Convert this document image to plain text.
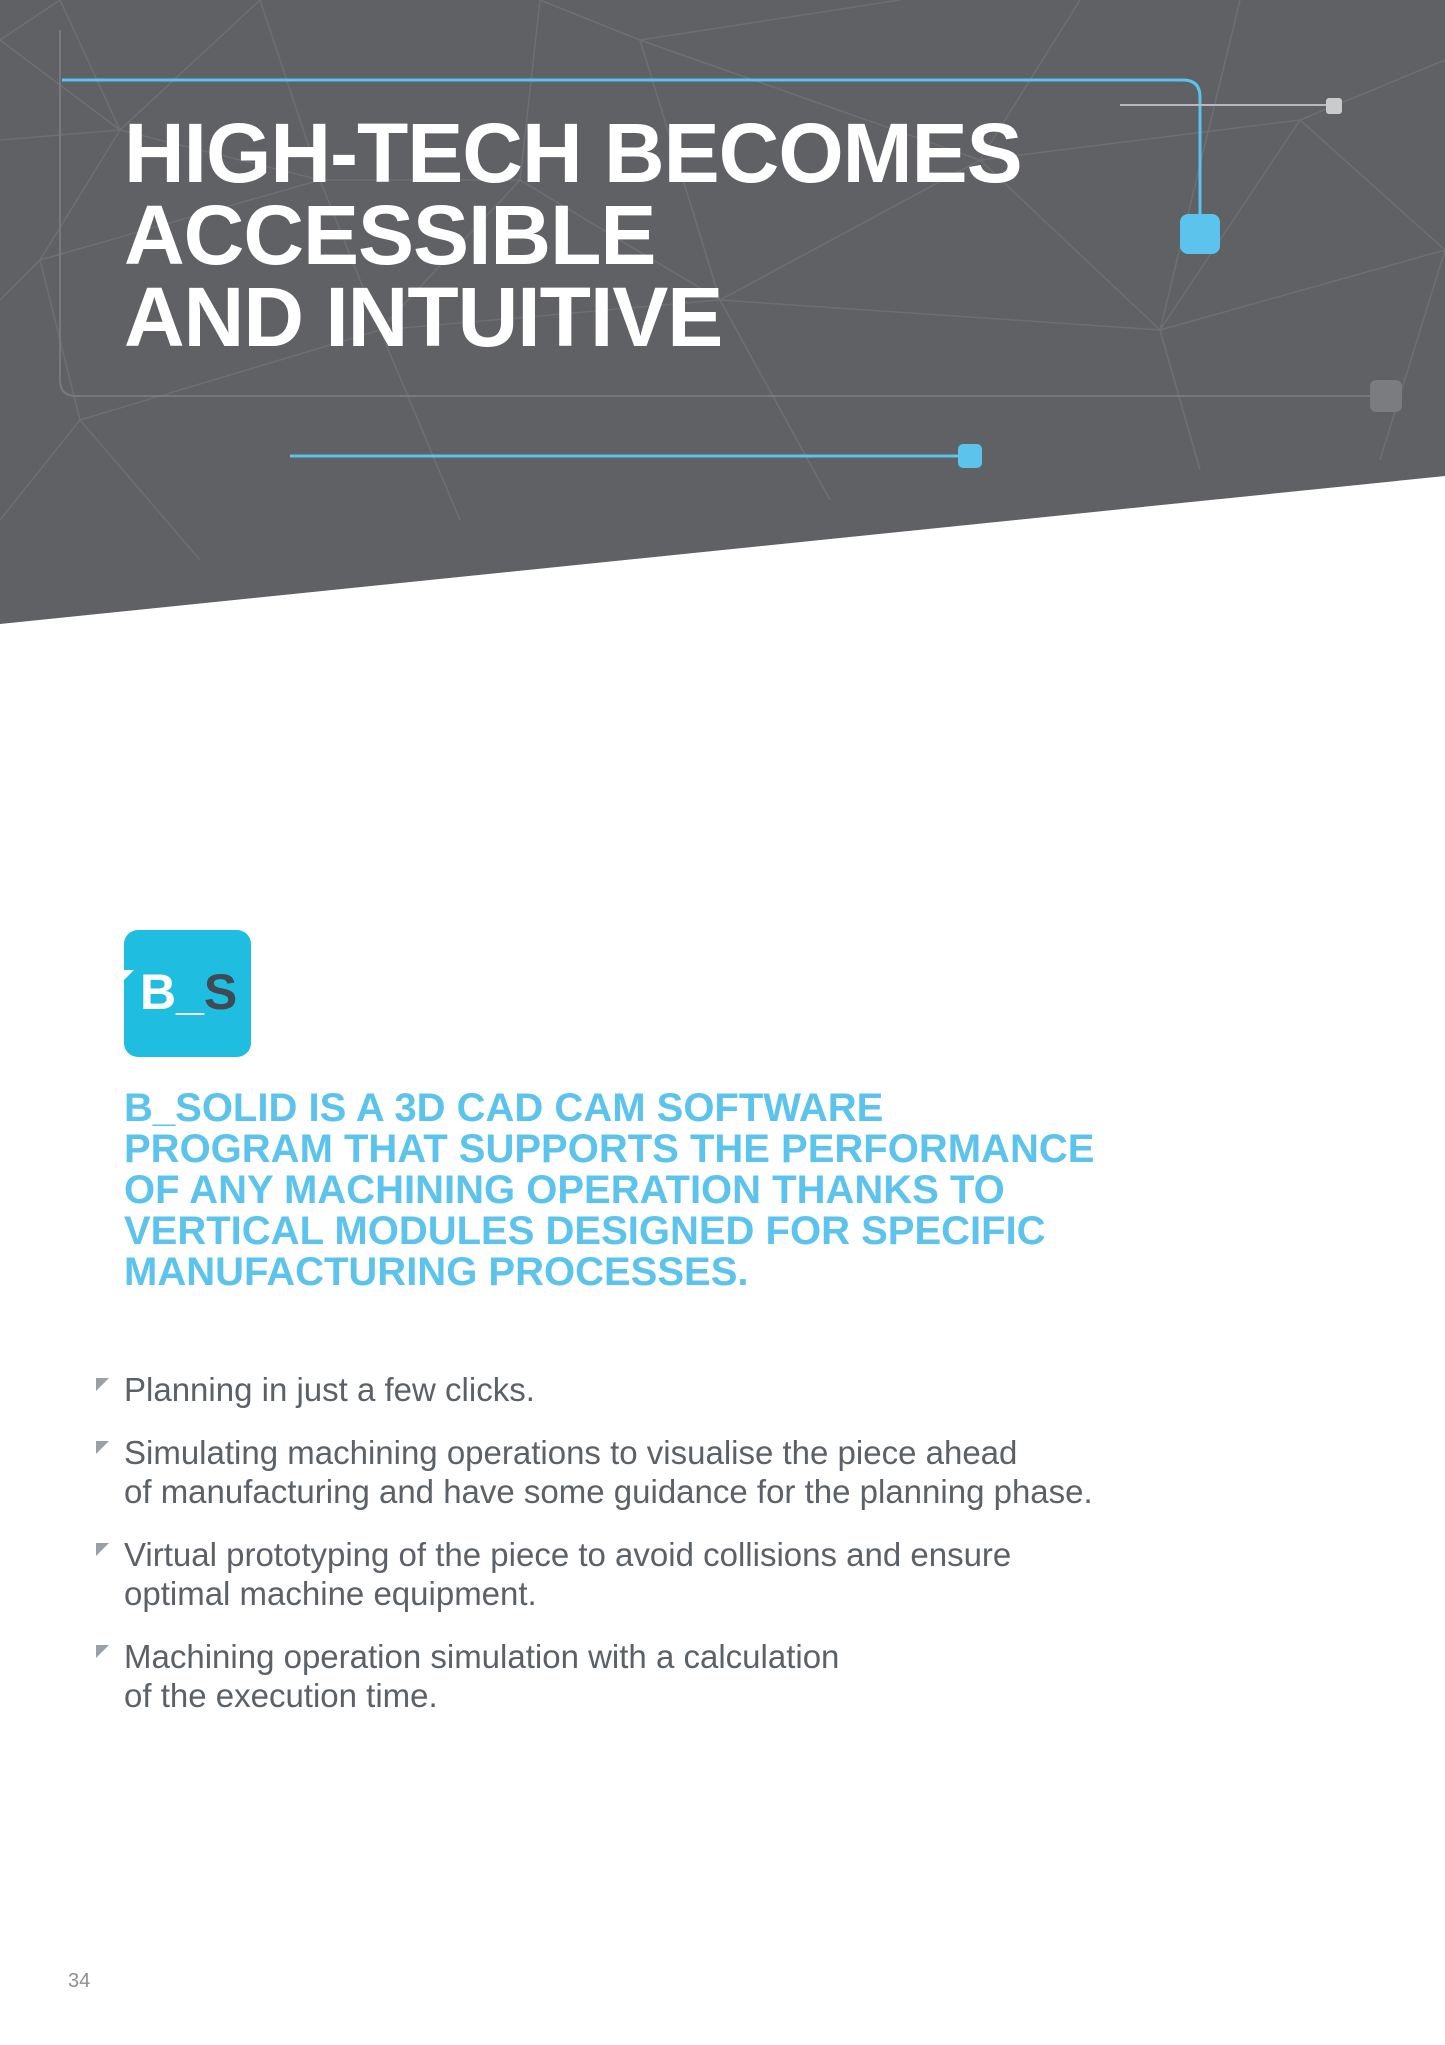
HIGH-TECH BECOMES
ACCESSIBLE
AND INTUITIVE
B_S
B_SOLID IS A 3D CAD CAM SOFTWARE
PROGRAM THAT SUPPORTS THE PERFORMANCE
OF ANY MACHINING OPERATION THANKS TO
VERTICAL MODULES DESIGNED FOR SPECIFIC
MANUFACTURING PROCESSES.
Planning in just a few clicks.
Simulating machining operations to visualise the piece ahead
of manufacturing and have some guidance for the planning phase.
Virtual prototyping of the piece to avoid collisions and ensure
optimal machine equipment.
Machining operation simulation with a calculation
of the execution time.
34
